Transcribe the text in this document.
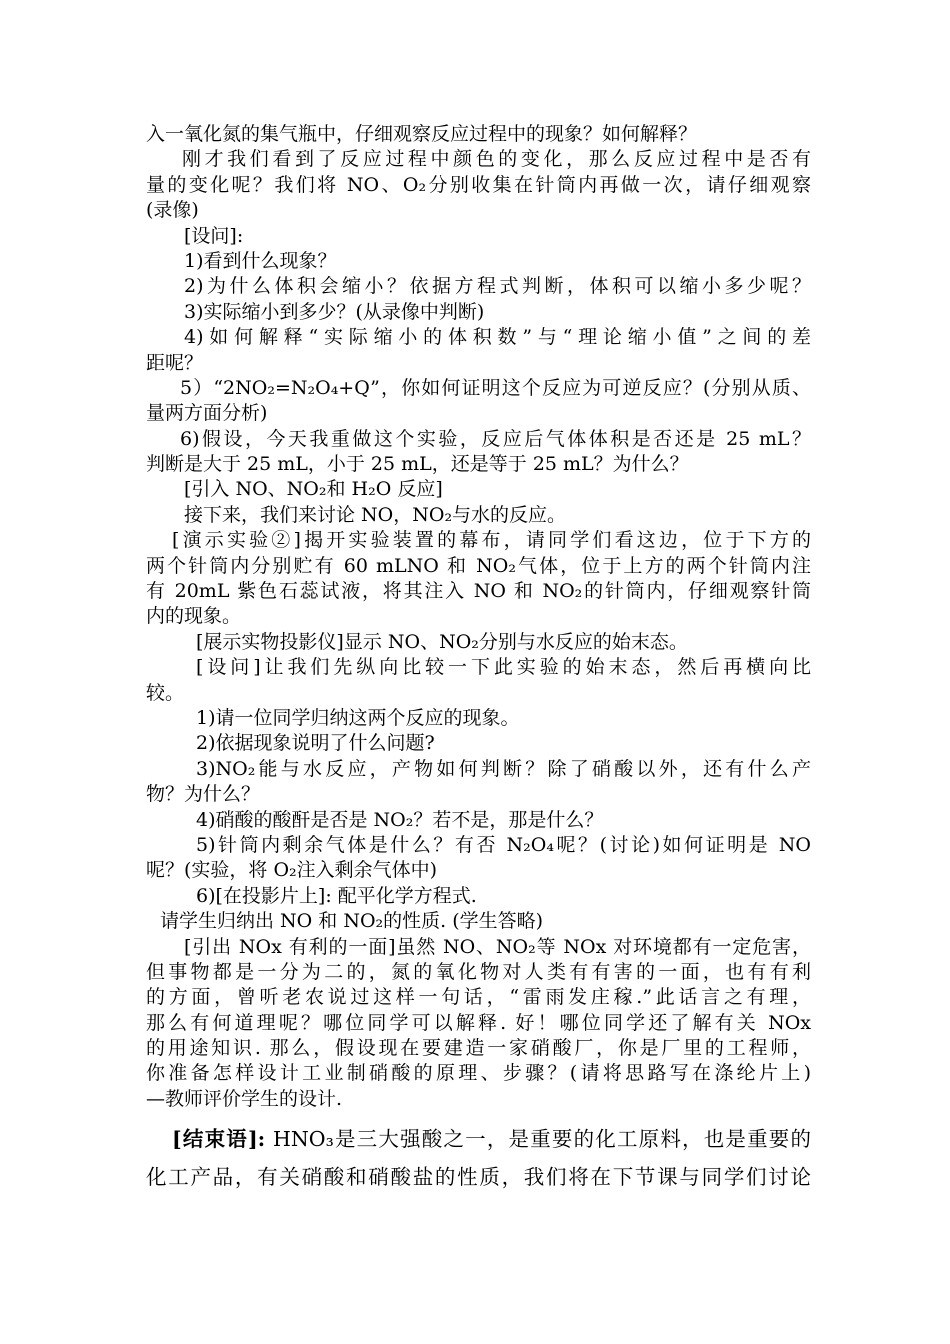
入一氧化氮的集气瓶中，仔细观察反应过程中的现象？如何解释？
刚才我们看到了反应过程中颜色的变化，那么反应过程中是否有
量的变化呢？我们将 NO、O₂分别收集在针筒内再做一次，请仔细观察
(录像)
[设问]:
1)看到什么现象？
2)为什么体积会缩小？依据方程式判断，体积可以缩小多少呢？
3)实际缩小到多少？(从录像中判断)
4)如何解释“实际缩小的体积数”与“理论缩小值”之间的差
距呢？
5）“2NO₂=N₂O₄+Q”，你如何证明这个反应为可逆反应？(分别从质、
量两方面分析)
6)假设，今天我重做这个实验，反应后气体体积是否还是 25 mL？
判断是大于 25 mL，小于 25 mL，还是等于 25 mL？为什么？
[引入 NO、NO₂和 H₂O 反应]
接下来，我们来讨论 NO，NO₂与水的反应。
[演示实验②]揭开实验装置的幕布，请同学们看这边，位于下方的
两个针筒内分别贮有 60 mLNO 和 NO₂气体，位于上方的两个针筒内注
有 20mL 紫色石蕊试液，将其注入 NO 和 NO₂的针筒内，仔细观察针筒
内的现象。
[展示实物投影仪]显示 NO、NO₂分别与水反应的始末态。
[设问]让我们先纵向比较一下此实验的始末态，然后再横向比
较。
1)请一位同学归纳这两个反应的现象。
2)依据现象说明了什么问题?
3)NO₂能与水反应，产物如何判断？除了硝酸以外，还有什么产
物？为什么？
4)硝酸的酸酐是否是 NO₂？若不是，那是什么？
5)针筒内剩余气体是什么？有否 N₂O₄呢？(讨论)如何证明是 NO
呢？(实验，将 O₂注入剩余气体中)
6)[在投影片上]: 配平化学方程式.
请学生归纳出 NO 和 NO₂的性质. (学生答略)
[引出 NOx 有利的一面]虽然 NO、NO₂等 NOx 对环境都有一定危害，
但事物都是一分为二的，氮的氧化物对人类有有害的一面，也有有利
的方面，曾听老农说过这样一句话，“雷雨发庄稼.”此话言之有理，
那么有何道理呢？哪位同学可以解释. 好！哪位同学还了解有关 NOx
的用途知识. 那么，假设现在要建造一家硝酸厂，你是厂里的工程师，
你准备怎样设计工业制硝酸的原理、步骤？(请将思路写在涤纶片上)
—教师评价学生的设计.
[结束语]: HNO₃是三大强酸之一，是重要的化工原料，也是重要的
化工产品，有关硝酸和硝酸盐的性质，我们将在下节课与同学们讨论
